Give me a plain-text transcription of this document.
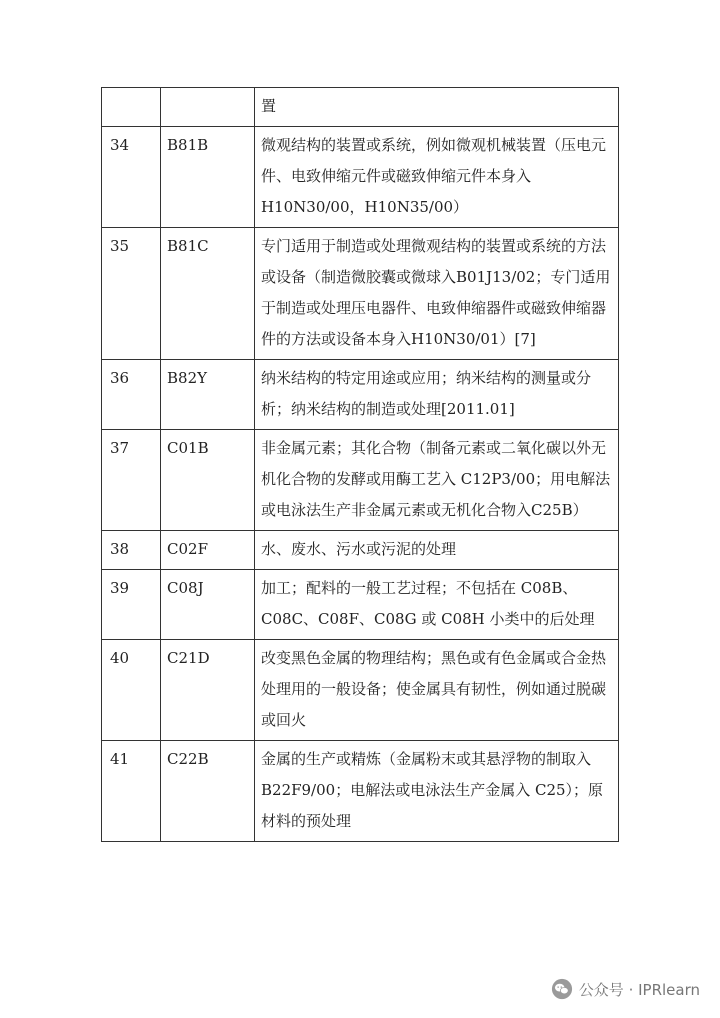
		置
34	B81B	微观结构的装置或系统，例如微观机械装置（压电元件、电致伸缩元件或磁致伸缩元件本身入H10N30/00，H10N35/00）
35	B81C	专门适用于制造或处理微观结构的装置或系统的方法或设备（制造微胶囊或微球入B01J13/02；专门适用于制造或处理压电器件、电致伸缩器件或磁致伸缩器件的方法或设备本身入H10N30/01）[7]
36	B82Y	纳米结构的特定用途或应用；纳米结构的测量或分析；纳米结构的制造或处理[2011.01]
37	C01B	非金属元素；其化合物（制备元素或二氧化碳以外无机化合物的发酵或用酶工艺入 C12P3/00；用电解法或电泳法生产非金属元素或无机化合物入C25B）
38	C02F	水、废水、污水或污泥的处理
39	C08J	加工；配料的一般工艺过程；不包括在 C08B、C08C、C08F、C08G 或 C08H 小类中的后处理
40	C21D	改变黑色金属的物理结构；黑色或有色金属或合金热处理用的一般设备；使金属具有韧性，例如通过脱碳或回火
41	C22B	金属的生产或精炼（金属粉末或其悬浮物的制取入 B22F9/00；电解法或电泳法生产金属入 C25）；原材料的预处理
公众号 · IPRlearn
